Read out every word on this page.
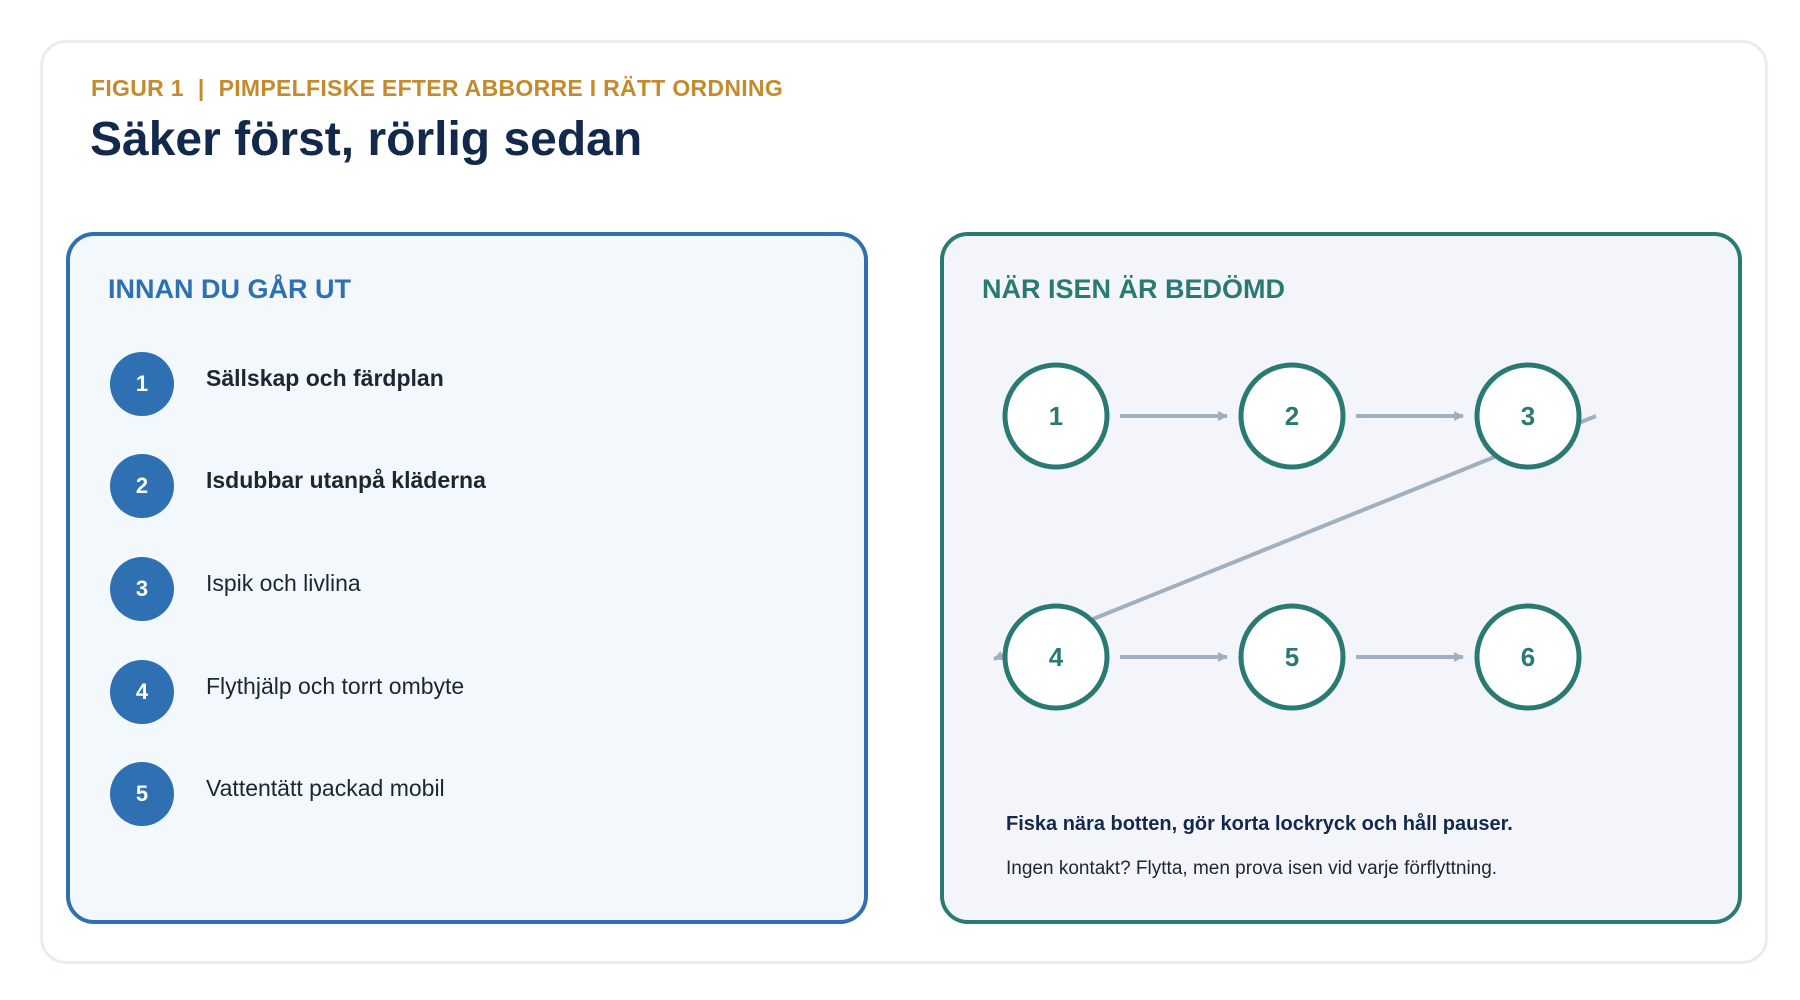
FIGUR 1 | PIMPELFISKE EFTER ABBORRE I RÄTT ORDNING
Säker först, rörlig sedan
INNAN DU GÅR UT
1	Sällskap och färdplan
2	Isdubbar utanpå kläderna
3	Ispik och livlina
4	Flythjälp och torrt ombyte
5	Vattentätt packad mobil
NÄR ISEN ÄR BEDÖMD
1	2	3
4	5	6
Fiska nära botten, gör korta lockryck och håll pauser.
Ingen kontakt? Flytta, men prova isen vid varje förflyttning.
